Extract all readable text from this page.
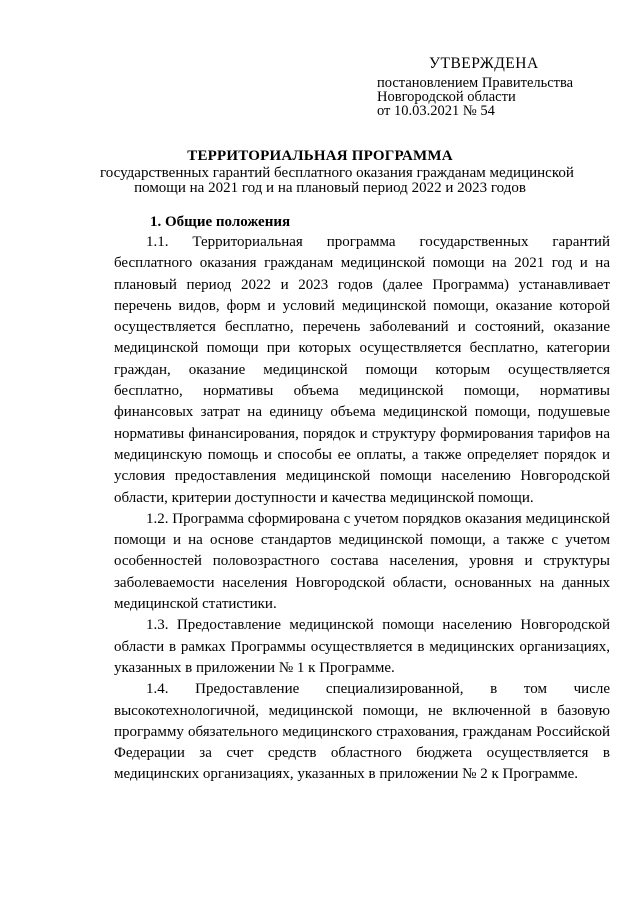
УТВЕРЖДЕНА
постановлением Правительства
Новгородской области
от 10.03.2021 № 54
ТЕРРИТОРИАЛЬНАЯ ПРОГРАММА
государственных гарантий бесплатного оказания гражданам медицинской
помощи на 2021 год и на плановый период 2022 и 2023 годов
1. Общие положения

1.1. Территориальная программа государственных гарантий бесплатного оказания гражданам медицинской помощи на 2021 год и на плановый период 2022 и 2023 годов (далее Программа) устанавливает перечень видов, форм и условий медицинской помощи, оказание которой осуществляется бесплатно, перечень заболеваний и состояний, оказание медицинской помощи при которых осуществляется бесплатно, категории граждан, оказание медицинской помощи которым осуществляется бесплатно, нормативы объема медицинской помощи, нормативы финансовых затрат на единицу объема медицинской помощи, подушевые нормативы финансирования, порядок и структуру формирования тарифов на медицинскую помощь и способы ее оплаты, а также определяет порядок и условия предоставления медицинской помощи населению Новгородской области, критерии доступности и качества медицинской помощи.

1.2. Программа сформирована с учетом порядков оказания медицинской помощи и на основе стандартов медицинской помощи, а также с учетом особенностей половозрастного состава населения, уровня и структуры заболеваемости населения Новгородской области, основанных на данных медицинской статистики.

1.3. Предоставление медицинской помощи населению Новгородской области в рамках Программы осуществляется в медицинских организациях, указанных в приложении № 1 к Программе.

1.4. Предоставление специализированной, в том числе высокотехнологичной, медицинской помощи, не включенной в базовую программу обязательного медицинского страхования, гражданам Российской Федерации за счет средств областного бюджета осуществляется в медицинских организациях, указанных в приложении № 2 к Программе.
